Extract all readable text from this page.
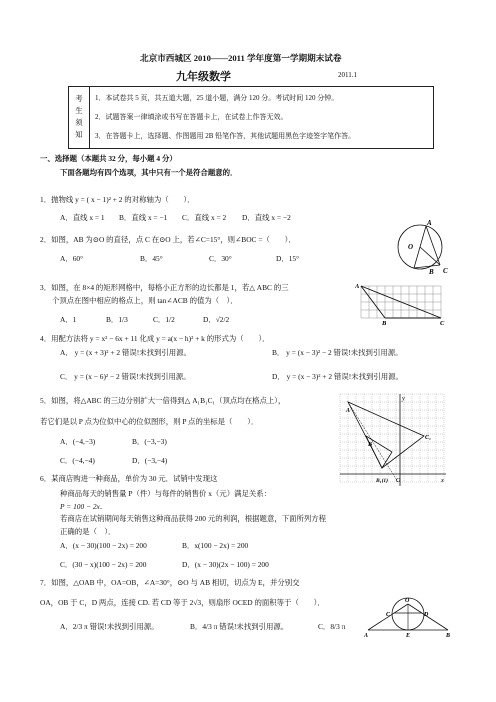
北京市西城区 2010——2011 学年度第一学期期末试卷
九年级数学	2011.1
考
生
须
知
1．本试卷共 5 页，共五道大题，25 道小题，满分 120 分。考试时间 120 分钟。
2．试题答案一律填涂或书写在答题卡上，在试卷上作答无效。
3．在答题卡上，选择题、作图题用 2B 铅笔作答，其他试题用黑色字迹签字笔作答。
一、选择题（本题共 32 分，每小题 4 分）
下面各题均有四个选项，其中只有一个是符合题意的．
1．抛物线 y = ( x − 1)² + 2 的对称轴为（　　）．
A．直线 x = 1 B．直线 x = −1 C．直线 x = 2 D．直线 x = −2
2．如图，AB 为⊙O 的直径，点 C 在⊙O 上，若∠C=15°，则∠BOC =（　　）．
A．60°	B．45°	C．30°	D．15°
A
O
B C
3．如图，在 8×4 的矩形网格中，每格小正方形的边长都是 1，若△ ABC 的三
个顶点在图中相应的格点上，则 tan∠ACB 的值为（　）．
A．1	B．1/3	C．1/2	D．√2/2
A
B	C
4．用配方法将 y = x² − 6x + 11 化成 y = a(x − h)² + k 的形式为（　　）．
A． y = (x + 3)² + 2 错误!未找到引用源。	B． y = (x − 3)² − 2 错误!未找到引用源。
C． y = (x − 6)² − 2 错误!未找到引用源。	D． y = (x − 3)² + 2 错误!未找到引用源。
5．如图，将△ABC 的三边分别扩大一倍得到△ A₁B₁C₁（顶点均在格点上），
若它们是以 P 点为位似中心的位似图形，则 P 点的坐标是（　　）．
A．(−4,−3)	B．(−3,−3)
C．(−4,−4)	D．(−3,−4)
y
A
B
C₁
O	x
B₁(1)
6．某商店购进一种商品，单价为 30 元．试销中发现这
种商品每天的销售量 P（件）与每件的销售价 x（元）满足关系：
P = 100 − 2x．
若商店在试销期间每天销售这种商品获得 200 元的利润，根据题意，下面所列方程
正确的是（　）．
A．(x − 30)(100 − 2x) = 200	B．x(100 − 2x) = 200
C．(30 − x)(100 − 2x) = 200	D．(x − 30)(2x − 100) = 200
7．如图，△OAB 中，OA=OB，∠A=30°，⊙O 与 AB 相切，切点为 E，并分别交
OA，OB 于 C，D 两点，连接 CD. 若 CD 等于 2√3，则扇形 OCED 的面积等于（　　）．
A．2/3 π 错误!未找到引用源。	B．4/3 π 错误!未找到引用源。	C．8/3 π
O
C	D
A	E	B
